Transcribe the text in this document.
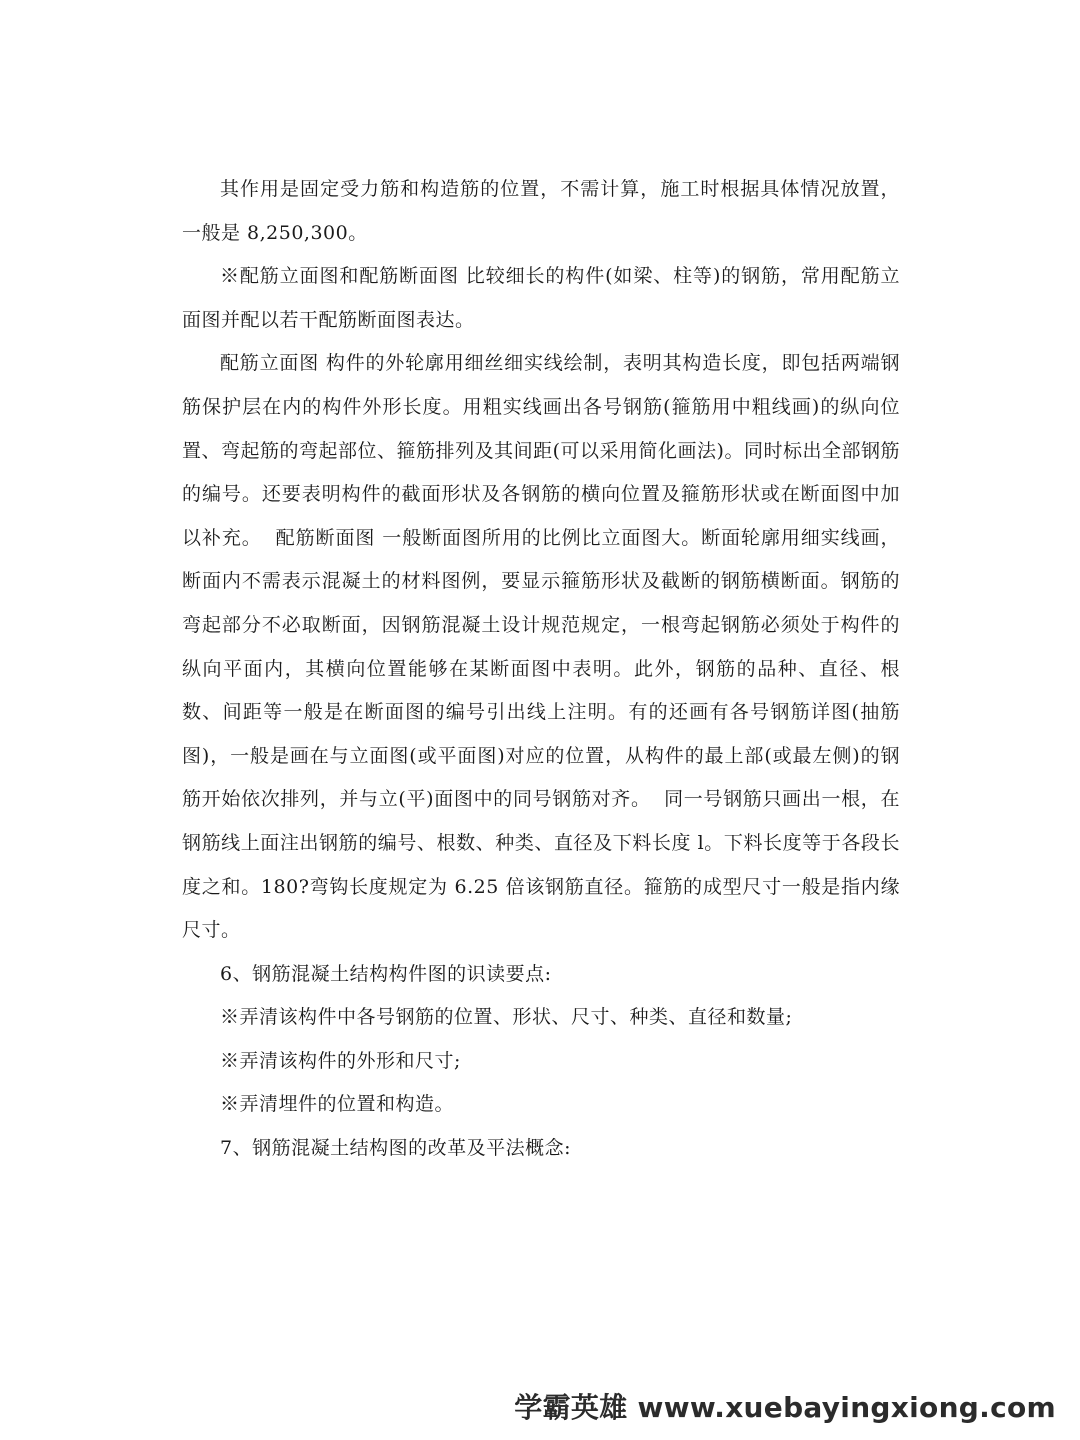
其作用是固定受力筋和构造筋的位置，不需计算，施工时根据具体情况放置，一般是 8,250,300。

※配筋立面图和配筋断面图 比较细长的构件(如梁、柱等)的钢筋，常用配筋立面图并配以若干配筋断面图表达。

配筋立面图 构件的外轮廓用细丝细实线绘制，表明其构造长度，即包括两端钢筋保护层在内的构件外形长度。用粗实线画出各号钢筋(箍筋用中粗线画)的纵向位置、弯起筋的弯起部位、箍筋排列及其间距(可以采用简化画法)。同时标出全部钢筋的编号。还要表明构件的截面形状及各钢筋的横向位置及箍筋形状或在断面图中加以补充。  配筋断面图 一般断面图所用的比例比立面图大。断面轮廓用细实线画，断面内不需表示混凝土的材料图例，要显示箍筋形状及截断的钢筋横断面。钢筋的弯起部分不必取断面，因钢筋混凝土设计规范规定，一根弯起钢筋必须处于构件的纵向平面内，其横向位置能够在某断面图中表明。此外，钢筋的品种、直径、根数、间距等一般是在断面图的编号引出线上注明。有的还画有各号钢筋详图(抽筋图)，一般是画在与立面图(或平面图)对应的位置，从构件的最上部(或最左侧)的钢筋开始依次排列，并与立(平)面图中的同号钢筋对齐。  同一号钢筋只画出一根，在钢筋线上面注出钢筋的编号、根数、种类、直径及下料长度 l。下料长度等于各段长度之和。180?弯钩长度规定为 6.25 倍该钢筋直径。箍筋的成型尺寸一般是指内缘尺寸。

6、钢筋混凝土结构构件图的识读要点:

※弄清该构件中各号钢筋的位置、形状、尺寸、种类、直径和数量;

※弄清该构件的外形和尺寸;

※弄清埋件的位置和构造。

7、钢筋混凝土结构图的改革及平法概念:

学霸英雄 www.xuebayingxiong.com
